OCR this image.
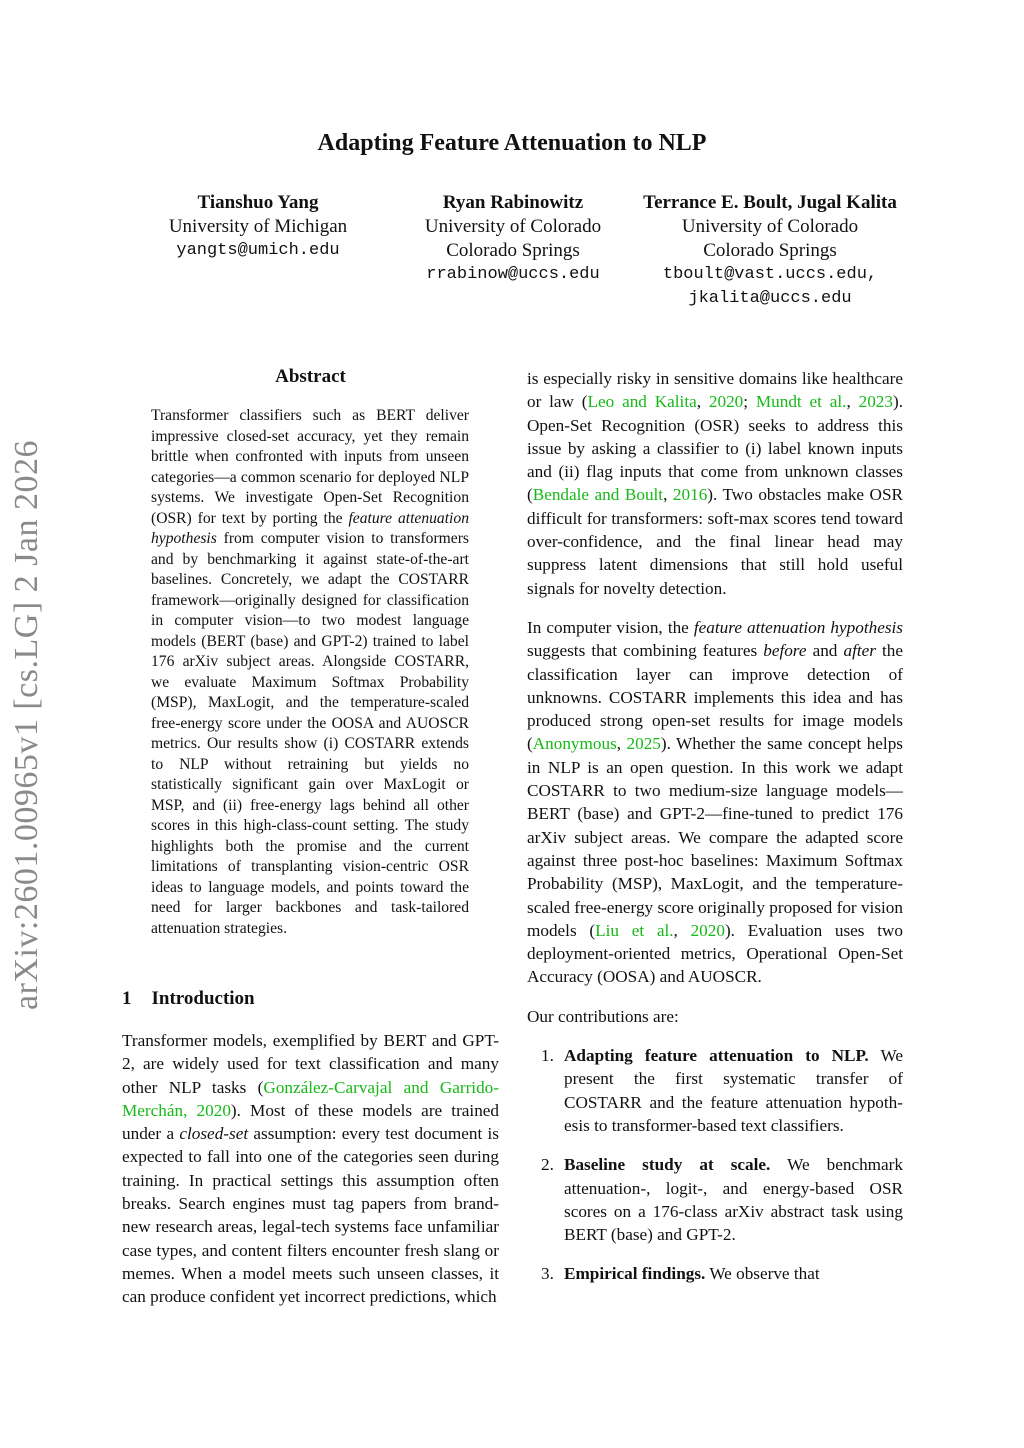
arXiv:2601.00965v1 [cs.LG] 2 Jan 2026
Adapting Feature Attenuation to NLP
Tianshuo Yang
University of Michigan
yangts@umich.edu
Ryan Rabinowitz
University of Colorado
Colorado Springs
rrabinow@uccs.edu
Terrance E. Boult, Jugal Kalita
University of Colorado
Colorado Springs
tboult@vast.uccs.edu,
jkalita@uccs.edu
Abstract
Transformer classifiers such as BERT deliver impressive closed-set accuracy, yet they remain brittle when confronted with inputs from unseen categories—a common scenario for deployed NLP systems. We investigate Open-Set Recognition (OSR) for text by porting the feature attenuation hypothesis from computer vision to transformers and by benchmarking it against state-of-the-art baselines. Concretely, we adapt the COSTARR framework—originally designed for classification in computer vision—to two modest language models (BERT (base) and GPT-2) trained to label 176 arXiv subject areas. Alongside COSTARR, we evaluate Maximum Softmax Probability (MSP), MaxLogit, and the temperature-scaled free-energy score under the OOSA and AUOSCR metrics. Our results show (i) COSTARR extends to NLP without retraining but yields no statistically significant gain over MaxLogit or MSP, and (ii) free-energy lags behind all other scores in this high-class-count setting. The study highlights both the promise and the current limitations of transplanting vision-centric OSR ideas to language models, and points toward the need for larger backbones and task-tailored attenuation strategies.
1 Introduction
Transformer models, exemplified by BERT and GPT-2, are widely used for text classification and many other NLP tasks (González-Carvajal and Garrido-Merchán, 2020). Most of these models are trained under a closed-set assumption: every test document is expected to fall into one of the categories seen during training. In practical settings this assumption often breaks. Search engines must tag papers from brand-new research areas, legal-tech systems face unfamiliar case types, and content filters encounter fresh slang or memes. When a model meets such unseen classes, it can produce confident yet incorrect predictions, which

is especially risky in sensitive domains like healthcare or law (Leo and Kalita, 2020; Mundt et al., 2023). Open-Set Recognition (OSR) seeks to address this issue by asking a classifier to (i) label known inputs and (ii) flag inputs that come from unknown classes (Bendale and Boult, 2016). Two obstacles make OSR difficult for transformers: soft-max scores tend toward over-confidence, and the final linear head may suppress latent dimensions that still hold useful signals for novelty detection.

In computer vision, the feature attenuation hypothesis suggests that combining features before and after the classification layer can improve detection of unknowns. COSTARR implements this idea and has produced strong open-set results for image models (Anonymous, 2025). Whether the same concept helps in NLP is an open question. In this work we adapt COSTARR to two medium-size language models—BERT (base) and GPT-2—fine-tuned to predict 176 arXiv subject areas. We compare the adapted score against three post-hoc baselines: Maximum Softmax Probability (MSP), MaxLogit, and the temperature-scaled free-energy score originally proposed for vision models (Liu et al., 2020). Evaluation uses two deployment-oriented metrics, Operational Open-Set Accuracy (OOSA) and AUOSCR.

Our contributions are:

1. Adapting feature attenuation to NLP. We present the first systematic transfer of COSTARR and the feature attenuation hypothesis to transformer-based text classifiers.
2. Baseline study at scale. We benchmark attenuation-, logit-, and energy-based OSR scores on a 176-class arXiv abstract task using BERT (base) and GPT-2.
3. Empirical findings. We observe that
